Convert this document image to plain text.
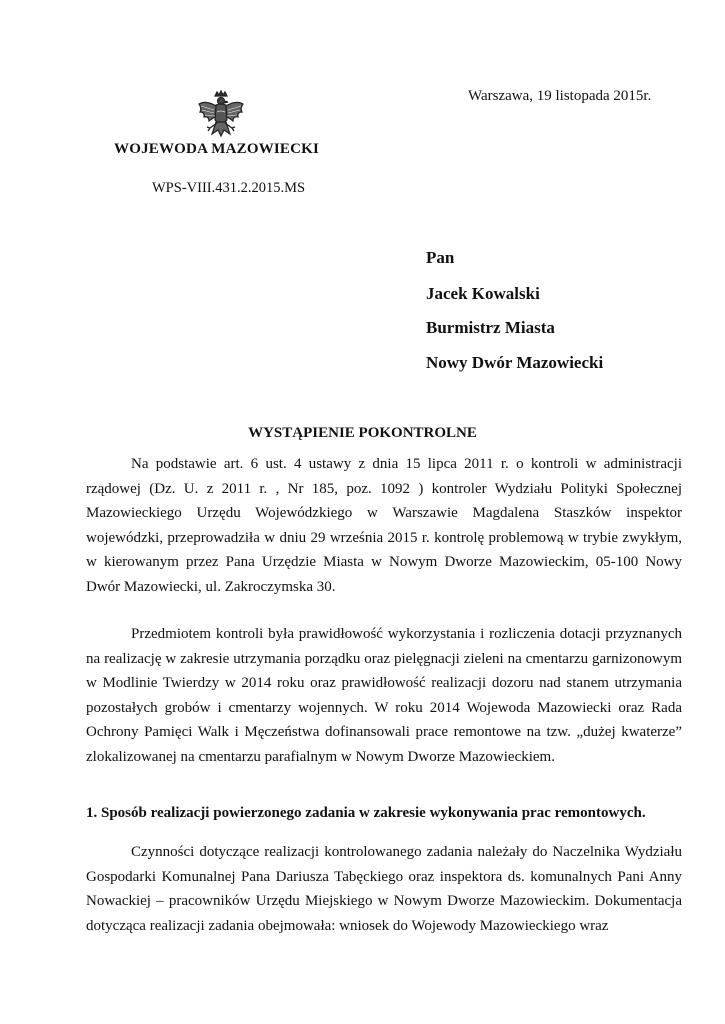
Warszawa, 19 listopada 2015r.
WOJEWODA MAZOWIECKI
WPS-VIII.431.2.2015.MS
Pan
Jacek Kowalski
Burmistrz Miasta
Nowy Dwór Mazowiecki
WYSTĄPIENIE POKONTROLNE

Na podstawie art. 6 ust. 4 ustawy z dnia 15 lipca 2011 r. o kontroli w administracji rządowej (Dz. U. z 2011 r. , Nr 185, poz. 1092 ) kontroler Wydziału Polityki Społecznej Mazowieckiego Urzędu Wojewódzkiego w Warszawie Magdalena Staszków inspektor wojewódzki, przeprowadziła w dniu 29 września 2015 r. kontrolę problemową w trybie zwykłym, w kierowanym przez Pana Urzędzie Miasta w Nowym Dworze Mazowieckim, 05-100 Nowy Dwór Mazowiecki, ul. Zakroczymska 30.

Przedmiotem kontroli była prawidłowość wykorzystania i rozliczenia dotacji przyznanych na realizację w zakresie utrzymania porządku oraz pielęgnacji zieleni na cmentarzu garnizonowym w Modlinie Twierdzy w 2014 roku oraz prawidłowość realizacji dozoru nad stanem utrzymania pozostałych grobów i cmentarzy wojennych. W roku 2014 Wojewoda Mazowiecki oraz Rada Ochrony Pamięci Walk i Męczeństwa dofinansowali prace remontowe na tzw. „dużej kwaterze” zlokalizowanej na cmentarzu parafialnym w Nowym Dworze Mazowieckiem.

1. Sposób realizacji powierzonego zadania w zakresie wykonywania prac remontowych.

Czynności dotyczące realizacji kontrolowanego zadania należały do Naczelnika Wydziału Gospodarki Komunalnej Pana Dariusza Tabęckiego oraz inspektora ds. komunalnych Pani Anny Nowackiej – pracowników Urzędu Miejskiego w Nowym Dworze Mazowieckim. Dokumentacja dotycząca realizacji zadania obejmowała: wniosek do Wojewody Mazowieckiego wraz
